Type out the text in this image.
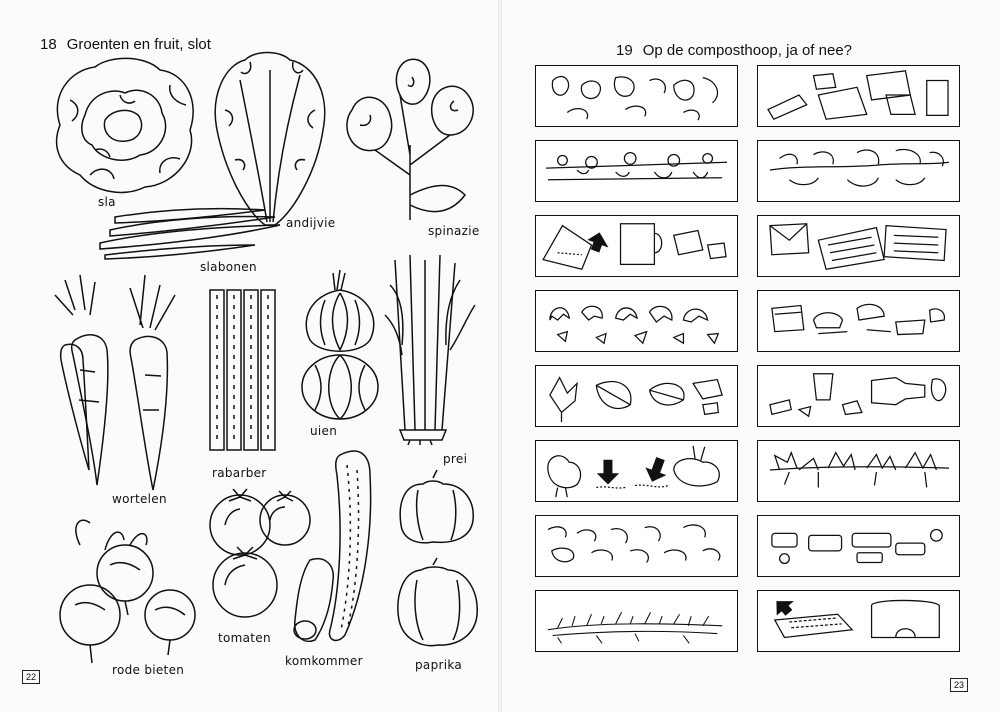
18 Groenten en fruit, slot
sla
andijvie
spinazie
slabonen
wortelen
rabarber
uien
prei
rode bieten
tomaten
komkommer	paprika
22
19 Op de composthoop, ja of nee?
23
